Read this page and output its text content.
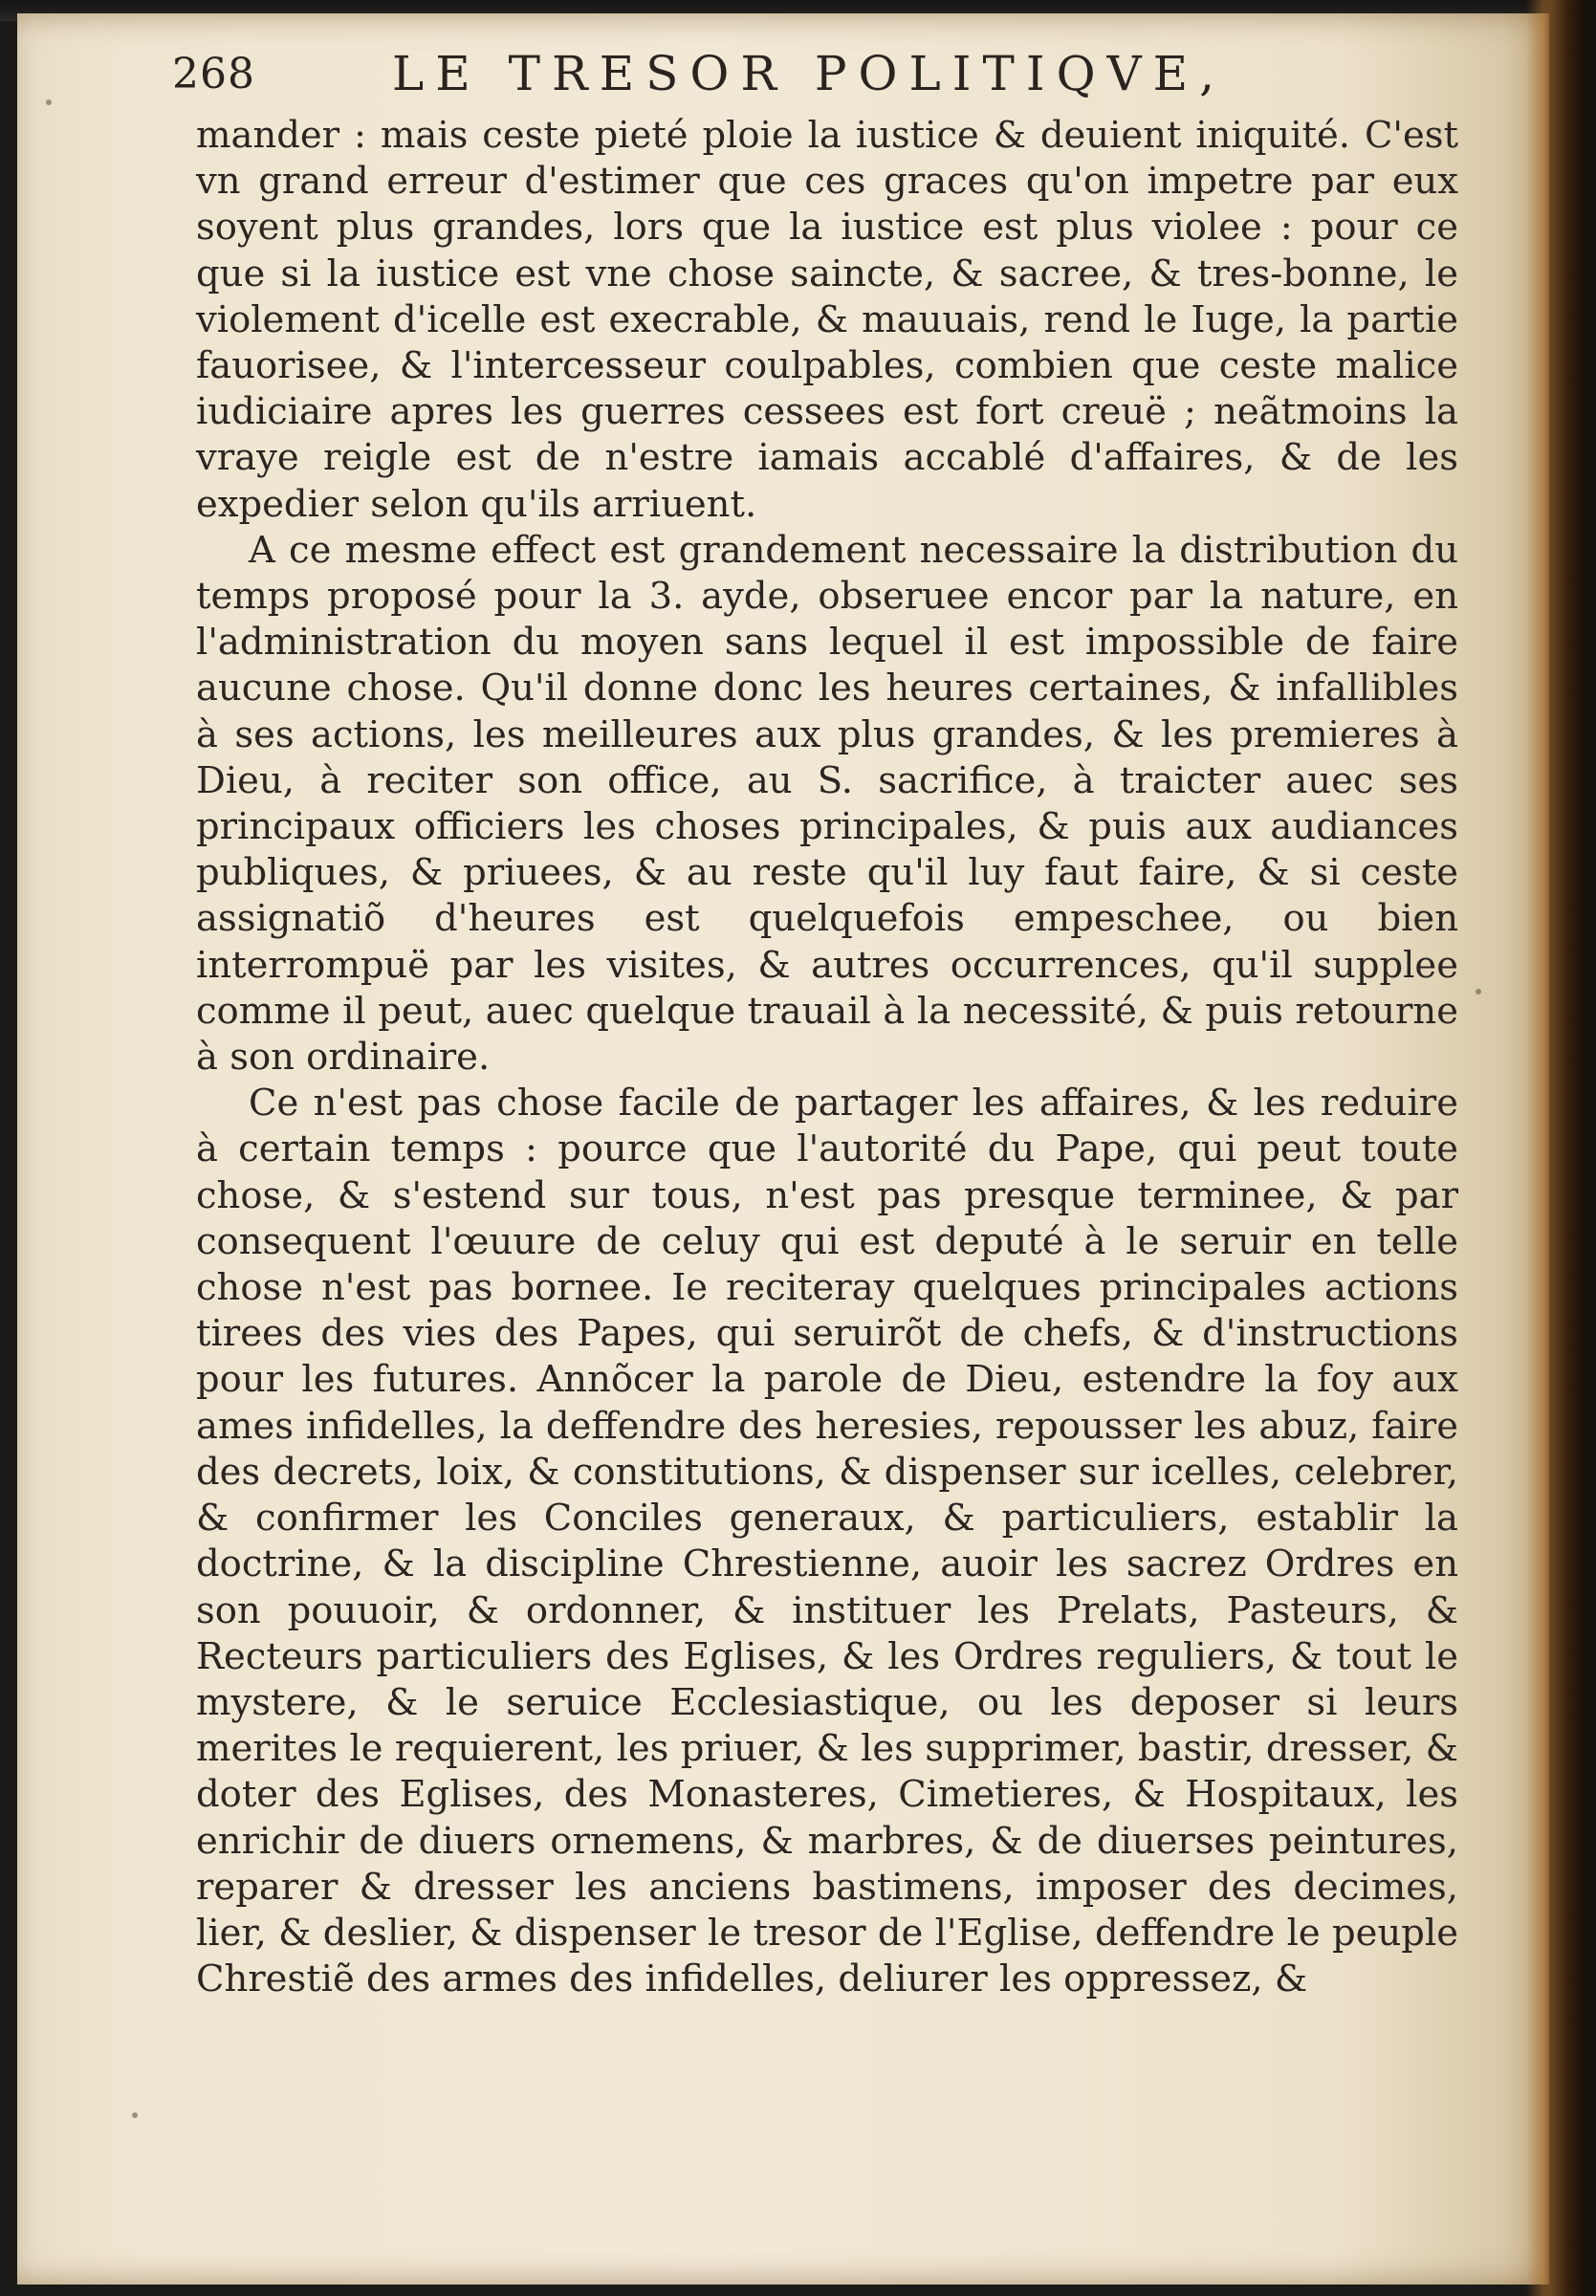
268	LE TRESOR POLITIQVE,

mander : mais ceste pieté ploie la iustice & deuient iniquité. C'est vn grand erreur d'estimer que ces graces qu'on impetre par eux soyent plus grandes, lors que la iustice est plus violee : pour ce que si la iustice est vne chose saincte, & sacree, & tres-bonne, le violement d'icelle est execrable, & mauuais, rend le Iuge, la partie fauorisee, & l'intercesseur coulpables, combien que ceste malice iudiciaire apres les guerres cessees est fort creuë ; neãtmoins la vraye reigle est de n'estre iamais accablé d'affaires, & de les expedier selon qu'ils arriuent.

A ce mesme effect est grandement necessaire la distribution du temps proposé pour la 3. ayde, obseruee encor par la nature, en l'administration du moyen sans lequel il est impossible de faire aucune chose. Qu'il donne donc les heures certaines, & infallibles à ses actions, les meilleures aux plus grandes, & les premieres à Dieu, à reciter son office, au S. sacrifice, à traicter auec ses principaux officiers les choses principales, & puis aux audiances publiques, & priuees, & au reste qu'il luy faut faire, & si ceste assignatiõ d'heures est quelquefois empeschee, ou bien interrompuë par les visites, & autres occurrences, qu'il supplee comme il peut, auec quelque trauail à la necessité, & puis retourne à son ordinaire.

Ce n'est pas chose facile de partager les affaires, & les reduire à certain temps : pource que l'autorité du Pape, qui peut toute chose, & s'estend sur tous, n'est pas presque terminee, & par consequent l'œuure de celuy qui est deputé à le seruir en telle chose n'est pas bornee. Ie reciteray quelques principales actions tirees des vies des Papes, qui seruirõt de chefs, & d'instructions pour les futures. Annõcer la parole de Dieu, estendre la foy aux ames infidelles, la deffendre des heresies, repousser les abuz, faire des decrets, loix, & constitutions, & dispenser sur icelles, celebrer, & confirmer les Conciles generaux, & particuliers, establir la doctrine, & la discipline Chrestienne, auoir les sacrez Ordres en son pouuoir, & ordonner, & instituer les Prelats, Pasteurs, & Recteurs particuliers des Eglises, & les Ordres reguliers, & tout le mystere, & le seruice Ecclesiastique, ou les deposer si leurs merites le requierent, les priuer, & les supprimer, bastir, dresser, & doter des Eglises, des Monasteres, Cimetieres, & Hospitaux, les enrichir de diuers ornemens, & marbres, & de diuerses peintures, reparer & dresser les anciens bastimens, imposer des decimes, lier, & deslier, & dispenser le tresor de l'Eglise, deffendre le peuple Chrestiẽ des armes des infidelles, deliurer les oppressez, &
